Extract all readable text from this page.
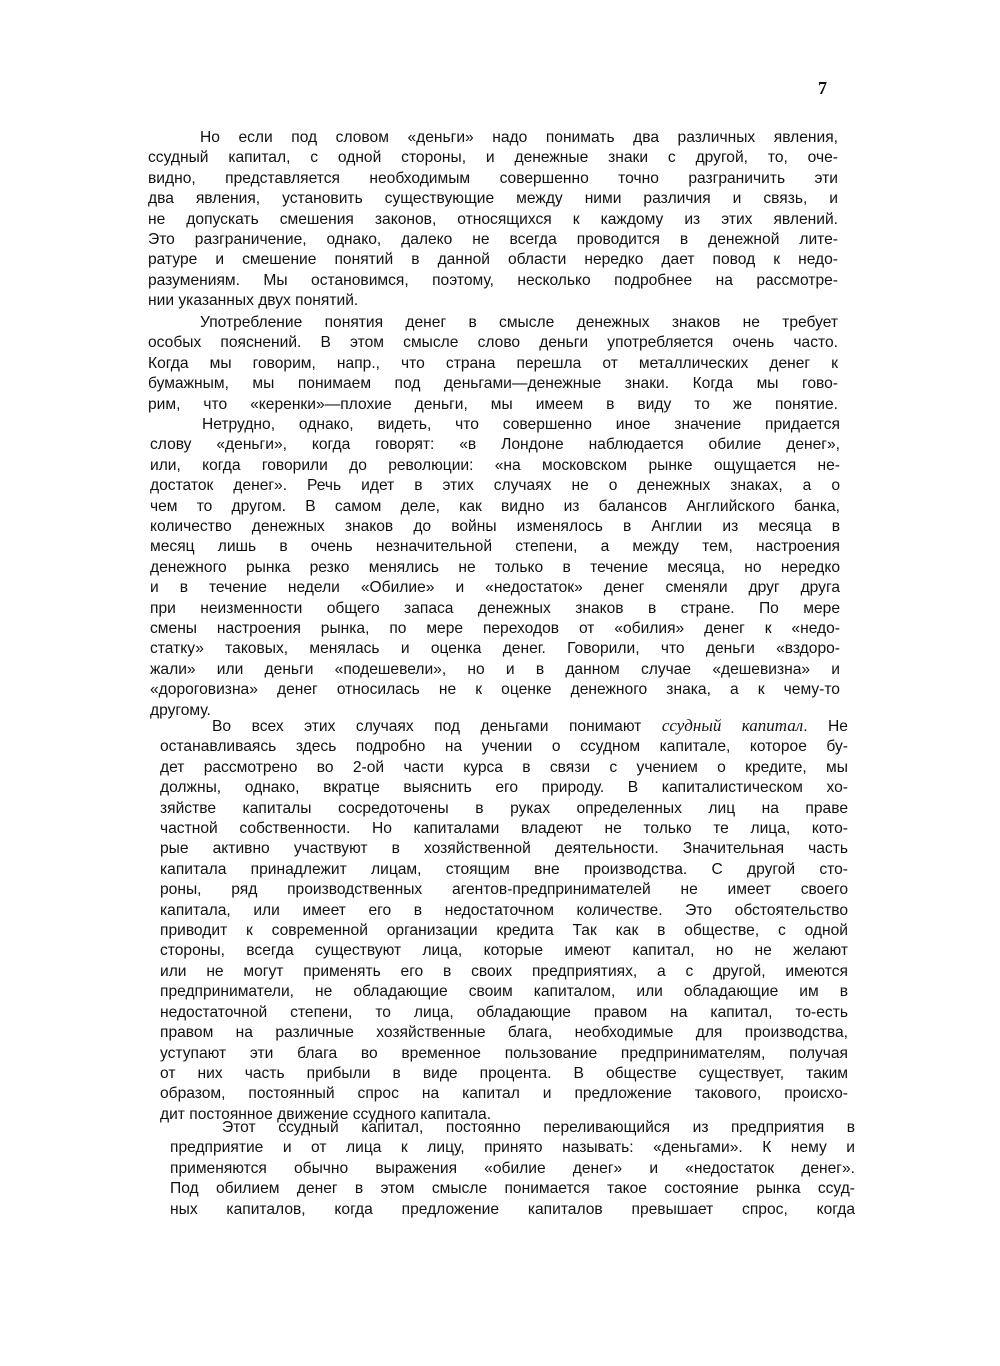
7
Но если под словом «деньги» надо понимать два различных явления,
ссудный капитал, с одной стороны, и денежные знаки с другой, то, оче-
видно, представляется необходимым совершенно точно разграничить эти
два явления, установить существующие между ними различия и связь, и
не допускать смешения законов, относящихся к каждому из этих явлений.
Это разграничение, однако, далеко не всегда проводится в денежной лите-
ратуре и смешение понятий в данной области нередко дает повод к недо-
разумениям. Мы остановимся, поэтому, несколько подробнее на рассмотре-
нии указанных двух понятий.
Употребление понятия денег в смысле денежных знаков не требует
особых пояснений. В этом смысле слово деньги употребляется очень часто.
Когда мы говорим, напр., что страна перешла от металлических денег к
бумажным, мы понимаем под деньгами—денежные знаки. Когда мы гово-
рим, что «керенки»—плохие деньги, мы имеем в виду то же понятие.
Нетрудно, однако, видеть, что совершенно иное значение придается
слову «деньги», когда говорят: «в Лондоне наблюдается обилие денег»,
или, когда говорили до революции: «на московском рынке ощущается не-
достаток денег». Речь идет в этих случаях не о денежных знаках, а о
чем то другом. В самом деле, как видно из балансов Английского банка,
количество денежных знаков до войны изменялось в Англии из месяца в
месяц лишь в очень незначительной степени, а между тем, настроения
денежного рынка резко менялись не только в течение месяца, но нередко
и в течение недели «Обилие» и «недостаток» денег сменяли друг друга
при неизменности общего запаса денежных знаков в стране. По мере
смены настроения рынка, по мере переходов от «обилия» денег к «недо-
статку» таковых, менялась и оценка денег. Говорили, что деньги «вздоро-
жали» или деньги «подешевели», но и в данном случае «дешевизна» и
«дороговизна» денег относилась не к оценке денежного знака, а к чему-то
другому.
Во всех этих случаях под деньгами понимают ссудный капитал. Не
останавливаясь здесь подробно на учении о ссудном капитале, которое бу-
дет рассмотрено во 2-ой части курса в связи с учением о кредите, мы
должны, однако, вкратце выяснить его природу. В капиталистическом хо-
зяйстве капиталы сосредоточены в руках определенных лиц на праве
частной собственности. Но капиталами владеют не только те лица, кото-
рые активно участвуют в хозяйственной деятельности. Значительная часть
капитала принадлежит лицам, стоящим вне производства. С другой сто-
роны, ряд производственных агентов-предпринимателей не имеет своего
капитала, или имеет его в недостаточном количестве. Это обстоятельство
приводит к современной организации кредита Так как в обществе, с одной
стороны, всегда существуют лица, которые имеют капитал, но не желают
или не могут применять его в своих предприятиях, а с другой, имеются
предприниматели, не обладающие своим капиталом, или обладающие им в
недостаточной степени, то лица, обладающие правом на капитал, то-есть
правом на различные хозяйственные блага, необходимые для производства,
уступают эти блага во временное пользование предпринимателям, получая
от них часть прибыли в виде процента. В обществе существует, таким
образом, постоянный спрос на капитал и предложение такового, происхо-
дит постоянное движение ссудного капитала.
Этот ссудный капитал, постоянно переливающийся из предприятия в
предприятие и от лица к лицу, принято называть: «деньгами». К нему и
применяются обычно выражения «обилие денег» и «недостаток денег».
Под обилием денег в этом смысле понимается такое состояние рынка ссуд-
ных капиталов, когда предложение капиталов превышает спрос, когда
